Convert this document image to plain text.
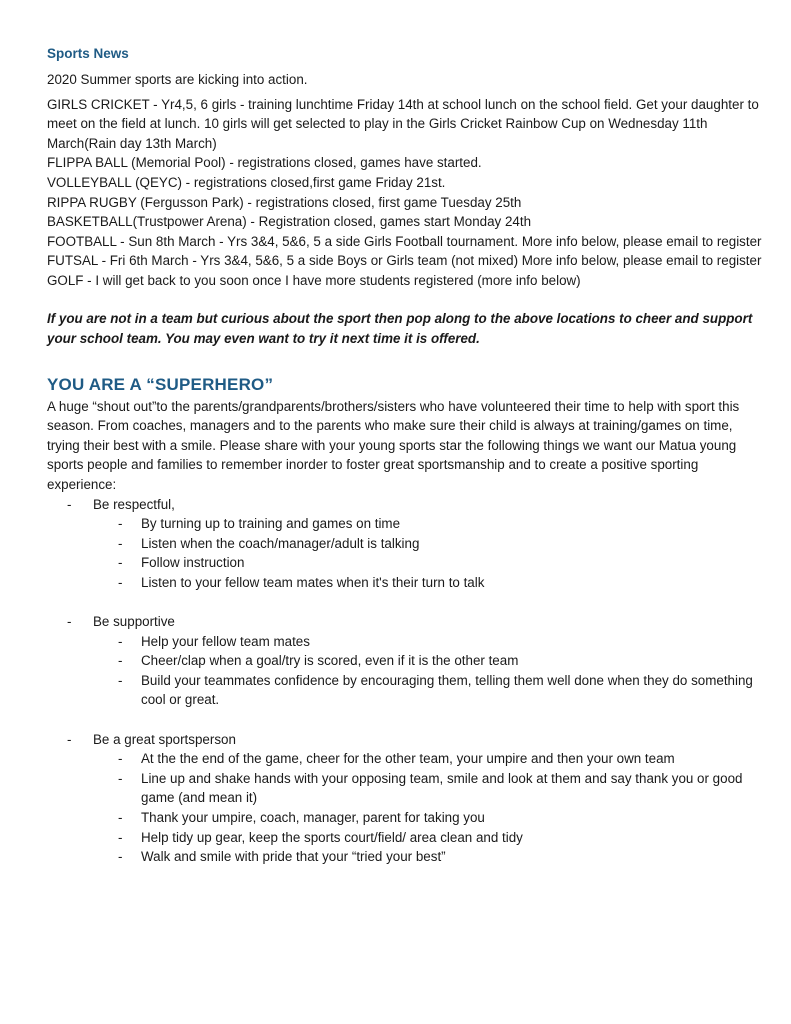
Sports News

2020 Summer sports are kicking into action.

GIRLS CRICKET - Yr4,5, 6 girls - training lunchtime Friday 14th at school lunch on the school field. Get your daughter to meet on the field at lunch. 10 girls will get selected to play in the Girls Cricket Rainbow Cup on Wednesday 11th March(Rain day 13th March)

FLIPPA BALL (Memorial Pool) - registrations closed, games have started.

VOLLEYBALL (QEYC) - registrations closed,first game Friday 21st.

RIPPA RUGBY (Fergusson Park) - registrations closed, first game Tuesday 25th

BASKETBALL(Trustpower Arena) - Registration closed, games start Monday 24th

FOOTBALL - Sun 8th March - Yrs 3&4, 5&6, 5 a side Girls Football tournament. More info below, please email to register

FUTSAL - Fri 6th March - Yrs 3&4, 5&6, 5 a side Boys or Girls team (not mixed) More info below, please email to register

GOLF - I will get back to you soon once I have more students registered (more info below)

If you are not in a team but curious about the sport then pop along to the above locations to cheer and support your school team. You may even want to try it next time it is offered.

YOU ARE A “SUPERHERO”

A huge “shout out”to the parents/grandparents/brothers/sisters who have volunteered their time to help with sport this season. From coaches, managers and to the parents who make sure their child is always at training/games on time, trying their best with a smile. Please share with your young sports star the following things we want our Matua young sports people and families to remember inorder to foster great sportsmanship and to create a positive sporting experience:

- Be respectful,
- By turning up to training and games on time
- Listen when the coach/manager/adult is talking
- Follow instruction
- Listen to your fellow team mates when it's their turn to talk
- Be supportive
- Help your fellow team mates
- Cheer/clap when a goal/try is scored, even if it is the other team
- Build your teammates confidence by encouraging them, telling them well done when they do something cool or great.
- Be a great sportsperson
- At the the end of the game, cheer for the other team, your umpire and then your own team
- Line up and shake hands with your opposing team, smile and look at them and say thank you or good game (and mean it)
- Thank your umpire, coach, manager, parent for taking you
- Help tidy up gear, keep the sports court/field/ area clean and tidy
- Walk and smile with pride that your “tried your best”
